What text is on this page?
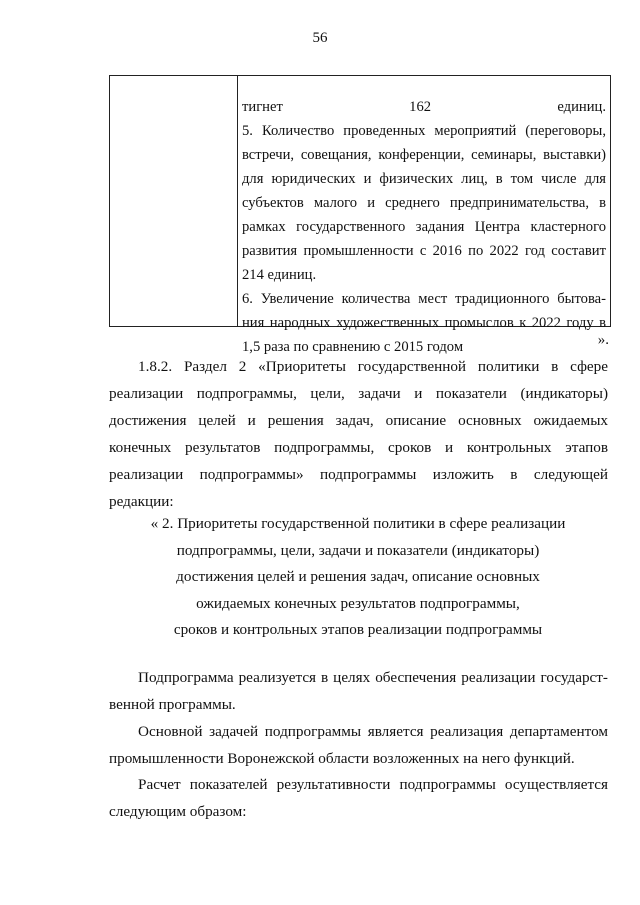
56
тигнет 162 единиц.
5. Количество проведенных мероприятий (переговоры,
встречи, совещания, конференции, семинары, выставки)
для юридических и физических лиц, в том числе для
субъектов малого и среднего предпринимательства, в
рамках государственного задания Центра кластерного
развития промышленности с 2016 по 2022 год составит
214 единиц.
6. Увеличение количества мест традиционного бытова-
ния народных художественных промыслов к 2022 году в
1,5 раза по сравнению с 2015 годом	».
1.8.2. Раздел 2 «Приоритеты государственной политики в сфере
реализации подпрограммы, цели, задачи и показатели (индикаторы)
достижения целей и решения задач, описание основных ожидаемых
конечных результатов подпрограммы, сроков и контрольных этапов
реализации подпрограммы» подпрограммы изложить в следующей редакции:
« 2. Приоритеты государственной политики в сфере реализации
подпрограммы, цели, задачи и показатели (индикаторы)
достижения целей и решения задач, описание основных
ожидаемых конечных результатов подпрограммы,
сроков и контрольных этапов реализации подпрограммы
Подпрограмма реализуется в целях обеспечения реализации государст-
венной программы.
Основной задачей подпрограммы является реализация департаментом
промышленности Воронежской области возложенных на него функций.
Расчет показателей результативности подпрограммы осуществляется
следующим образом:
